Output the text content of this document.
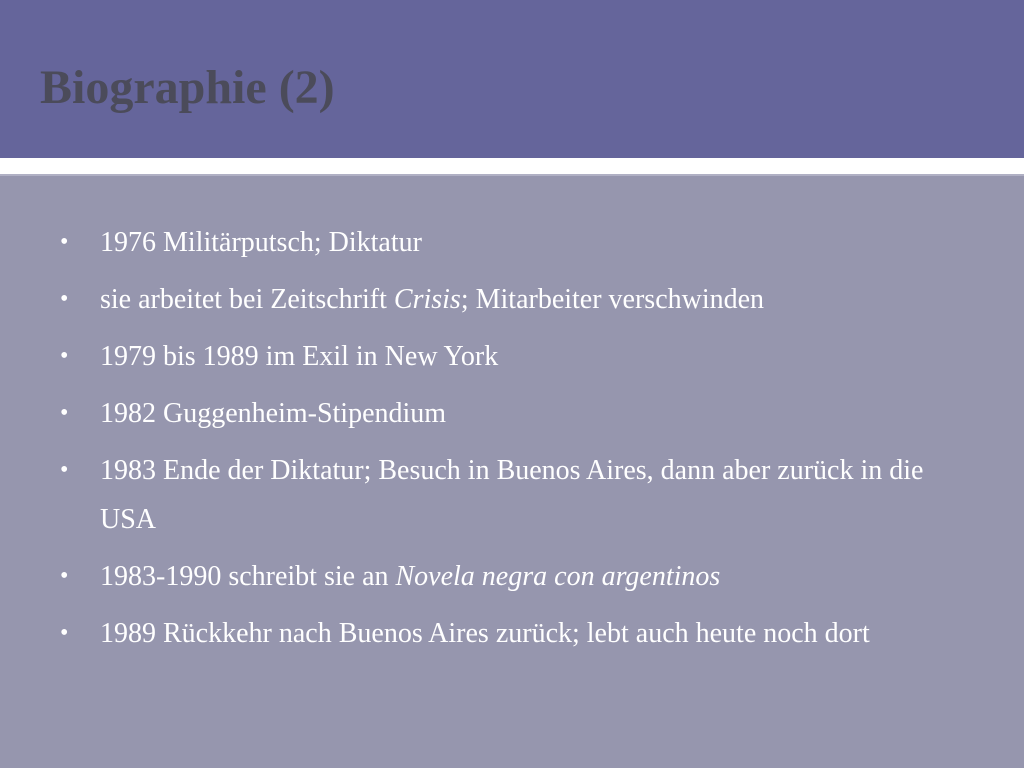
Biographie (2)
• 1976 Militärputsch; Diktatur
• sie arbeitet bei Zeitschrift Crisis; Mitarbeiter verschwinden
• 1979 bis 1989 im Exil in New York
• 1982 Guggenheim-Stipendium
• 1983 Ende der Diktatur; Besuch in Buenos Aires, dann aber zurück in die USA
• 1983-1990 schreibt sie an Novela negra con argentinos
• 1989 Rückkehr nach Buenos Aires zurück; lebt auch heute noch dort
